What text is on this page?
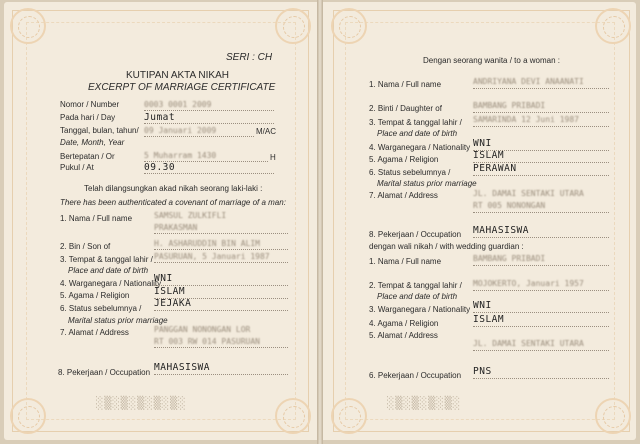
SERI : CH
KUTIPAN AKTA NIKAH
EXCERPT OF MARRIAGE CERTIFICATE
Nomor / Number	0003 0001 2009
Pada hari / Day	Jumat
Tanggal, bulan, tahun/
Date, Month, Year
09 Januari 2009	M/AC
Bertepatan / Or	5 Muharram 1430	H
Pukul / At	09.30
Telah dilangsungkan akad nikah seorang laki-laki :
There has been authenticated a covenant of marriage of a man:
1. Nama / Full name	SAMSUL ZULKIFLI
PRAKASMAN
2. Bin / Son of	H. ASHARUDDIN BIN ALIM
3. Tempat & tanggal lahir /
Place and date of birth
PASURUAN, 5 Januari 1987
4. Warganegara / Nationality
WNI
5. Agama / Religion	ISLAM
6. Status sebelumnya /
Marital status prior marriage
JEJAKA
7. Alamat / Address	PANGGAN NONONGAN LOR
RT 003 RW 014 PASURUAN
8. Pekerjaan / Occupation MAHASISWA
░▒░▒░▒░▒░▒░
Dengan seorang wanita / to a woman :
1. Nama / Full name	ANDRIYANA DEVI ANAANATI
2. Binti / Daughter of	BAMBANG PRIBADI
3. Tempat & tanggal lahir /
Place and date of birth
SAMARINDA 12 Juni 1987
4. Warganegara / Nationality WNI
5. Agama / Religion	ISLAM
6. Status sebelumnya /
Marital status prior marriage
PERAWAN
7. Alamat / Address	JL. DAMAI SENTAKI UTARA
RT 005 NONONGAN
8. Pekerjaan / Occupation MAHASISWA
dengan wali nikah / with wedding guardian :
1. Nama / Full name	BAMBANG PRIBADI
2. Tempat & tanggal lahir /
Place and date of birth
MOJOKERTO, Januari 1957
3. Warganegara / Nationality WNI
4. Agama / Religion	ISLAM
5. Alamat / Address
JL. DAMAI SENTAKI UTARA
6. Pekerjaan / Occupation PNS
░▒░▒░▒░▒░
